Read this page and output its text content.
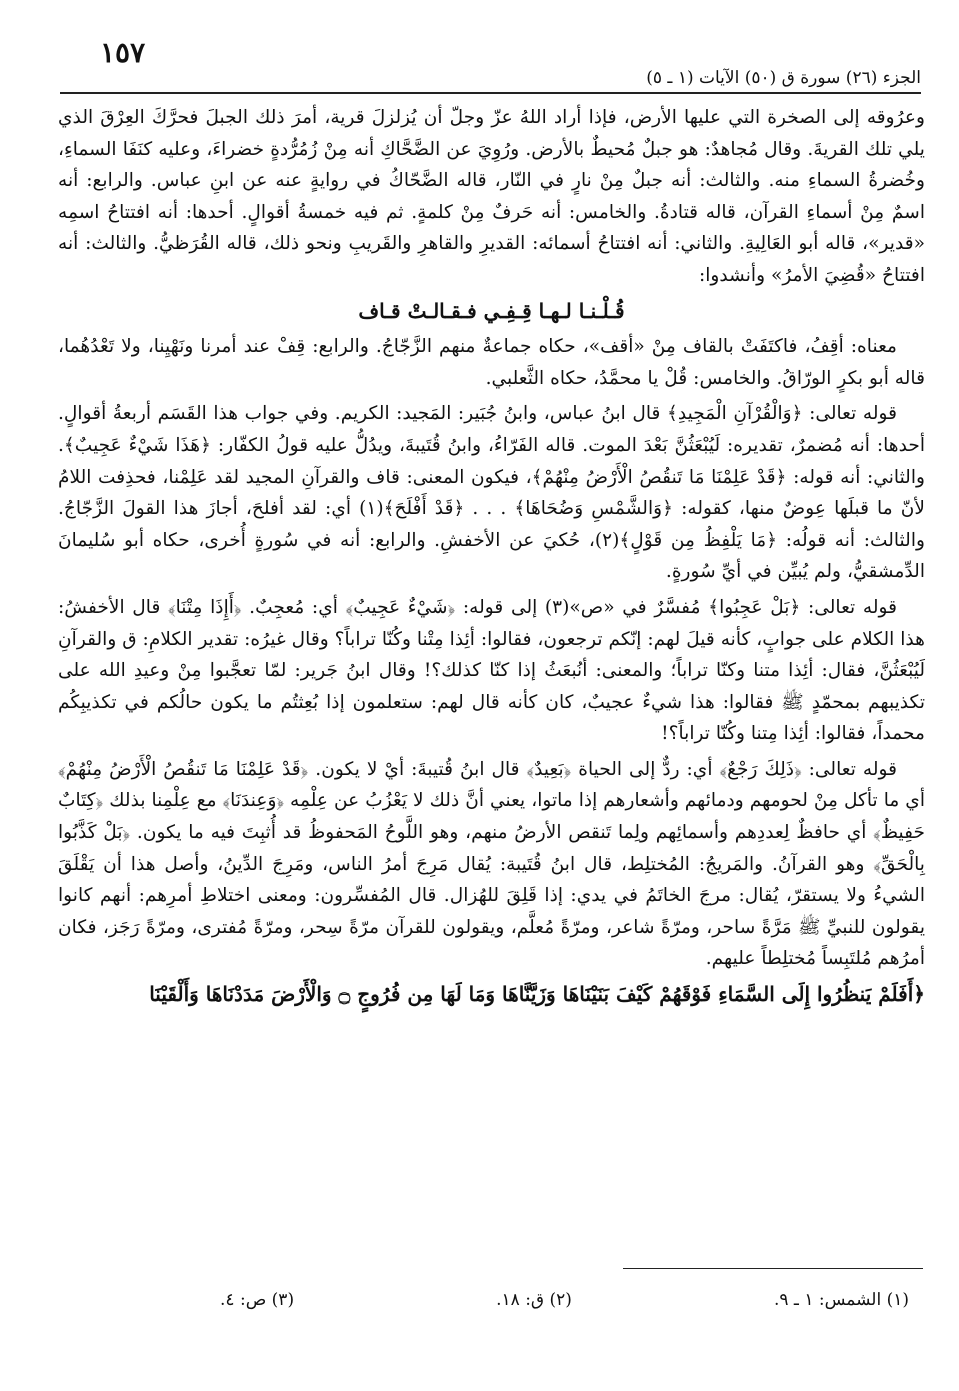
١٥٧
الجزء (٢٦) سورة ق (٥٠) الآيات (١ ـ ٥)

وعرُوقه إلى الصخرة التي عليها الأرض، فإذا أراد اللهُ عزّ وجلّ أن يُزلزلَ قرية، أمرَ ذلك الجبلَ فحرَّكَ العِرْقَ الذي يلي تلك القريةَ. وقال مُجاهدٌ: هو جبلٌ مُحيطٌ بالأرض. ورُوِيَ عن الضَّحَّاكِ أنه مِنْ زُمُرُّدةٍ خضراءَ، وعليه كنَفَا السماءِ، وخُضرةُ السماءِ منه. والثالث: أنه جبلٌ مِنْ نارٍ في النّار، قاله الضَّحّاكُ في روايةٍ عنه عن ابنِ عباس. والرابع: أنه اسمٌ مِنْ أسماءِ القرآن، قاله قتادةُ. والخامس: أنه حَرفٌ مِنْ كلمةٍ. ثم فيه خمسةُ أقوالٍ. أحدها: أنه افتتاحُ اسمِه «قدير»، قاله أبو العَالِيةِ. والثاني: أنه افتتاحُ أسمائه: القديرِ والقاهرِ والقَريبِ ونحو ذلك، قاله القُرَظيُّ. والثالث: أنه افتتاحُ «قُضِيَ الأمرُ» وأنشدوا:

قُـلْـنـا لـهـا قِـفِـي فـقـالـتْ قـاف

معناه: أقِفُ، فاكتَفَتْ بالقاف مِنْ «أقف»، حكاه جماعةٌ منهم الزَّجّاجُ. والرابع: قِفْ عند أمرنا ونَهْيِنا، ولا تَعْدُهُما، قاله أبو بكرٍ الورّاقُ. والخامس: قُلْ يا محمَّدُ، حكاه الثَّعلبي.

قوله تعالى: ﴿وَالْقُرْآنِ الْمَجِيدِ﴾ قال ابنُ عباس، وابنُ جُبَير: المَجيد: الكريم. وفي جواب هذا القَسَم أربعةُ أقوالٍ. أحدها: أنه مُضمرٌ، تقديره: لَيُبْعَثُنَّ بَعْدَ الموت. قاله الفَرّاءُ، وابنُ قُتَيبةَ، ويدُلُّ عليه قولُ الكفّار: ﴿هَذَا شَيْءٌ عَجِيبٌ﴾. والثاني: أنه قوله: ﴿قَدْ عَلِمْنَا مَا تَنقُصُ الْأَرْضُ مِنْهُمْ﴾، فيكون المعنى: قاف والقرآنِ المجيد لقد عَلِمْنا، فحذِفت اللامُ لأنّ ما قبلَها عِوضٌ منها، كقوله: ﴿وَالشَّمْسِ وَضُحَاهَا﴾ . . . ﴿قَدْ أَفْلَحَ﴾(١) أي: لقد أفلحَ، أجازَ هذا القولَ الزَّجّاجُ. والثالث: أنه قولُه: ﴿مَا يَلْفِظُ مِن قَوْلٍ﴾(٢)، حُكيَ عن الأخفشِ. والرابع: أنه في سُورةٍ أُخرى، حكاه أبو سُليمانَ الدِّمشقيُّ، ولم يُبيِّن في أيِّ سُورةٍ.

قوله تعالى: ﴿بَلْ عَجِبُوا﴾ مُفسَّرٌ في «ص»(٣) إلى قوله: ﴿شَيْءٌ عَجِيبٌ﴾ أي: مُعجِبٌ. ﴿أَإِذَا مِتْنَا﴾ قال الأخفشُ: هذا الكلام على جوابٍ، كأنه قيلَ لهم: إنّكم ترجعون، فقالوا: أئِذا مِتْنا وكُنّا تراباً؟ وقال غيرُه: تقدير الكلامِ: ق والقرآنِ لَيُبْعَثُنَّ، فقال: أئِذا متنا وكنّا تراباً؛ والمعنى: أنُبعَثُ إذا كنّا كذلك؟! وقال ابنُ جَرير: لمّا تعجَّبوا مِنْ وعيدِ الله على تكذيبهم بمحمّدٍ ﷺ فقالوا: هذا شيءٌ عجيبٌ، كان كأنه قال لهم: ستعلمون إذا بُعِثتُم ما يكون حالُكم في تكذيبِكُم محمداً، فقالوا: أئِذا مِتنا وكُنّا تراباً؟!

قوله تعالى: ﴿ذَلِكَ رَجْعٌ﴾ أي: ردٌّ إلى الحياة ﴿بَعِيدٌ﴾ قال ابنُ قُتيبةَ: أيْ لا يكون. ﴿قَدْ عَلِمْنَا مَا تَنقُصُ الْأَرْضُ مِنْهُمْ﴾ أي ما تأكل مِنْ لحومهم ودمائهم وأشعارهم إذا ماتوا، يعني أنَّ ذلك لا يَعْزُبُ عن عِلْمِه ﴿وَعِندَنَا﴾ مع عِلْمِنا بذلك ﴿كِتَابٌ حَفِيظٌ﴾ أي حافظٌ لِعددِهم وأسمائِهم ولِما تَنقص الأرضُ منهم، وهو اللَّوحُ المَحفوظُ قد أُثبِتَ فيه ما يكون. ﴿بَلْ كَذَّبُوا بِالْحَقِّ﴾ وهو القرآنُ. والمَريجُ: المُختلِط، قال ابنُ قُتَيبة: يُقال مَرِجَ أمرُ الناس، ومَرِجَ الدِّينُ، وأصل هذا أن يَقْلَقَ الشيءُ ولا يستقرّ، يُقال: مرجَ الخاتَمُ في يدي: إذا قَلِقَ للهُزال. قال المُفسِّرون: ومعنى اختلاطِ أمرِهم: أنهم كانوا يقولون للنبيِّ ﷺ مَرَّةً ساحر، ومرّةً شاعر، ومرّةً مُعلَّم، ويقولون للقرآن مرّةً سِحر، ومرّةً مُفترى، ومرّةً رَجَز، فكان أمرُهم مُلتَبِساً مُختلِطاً عليهم.

﴿أَفَلَمْ يَنظُرُوا إِلَى السَّمَاءِ فَوْقَهُمْ كَيْفَ بَنَيْنَاهَا وَزَيَّنَّاهَا وَمَا لَهَا مِن فُرُوجٍ ۝ وَالْأَرْضَ مَدَدْنَاهَا وَأَلْقَيْنَا

(١) الشمس: ١ ـ ٩.
(٢) ق: ١٨.
(٣) ص: ٤.
